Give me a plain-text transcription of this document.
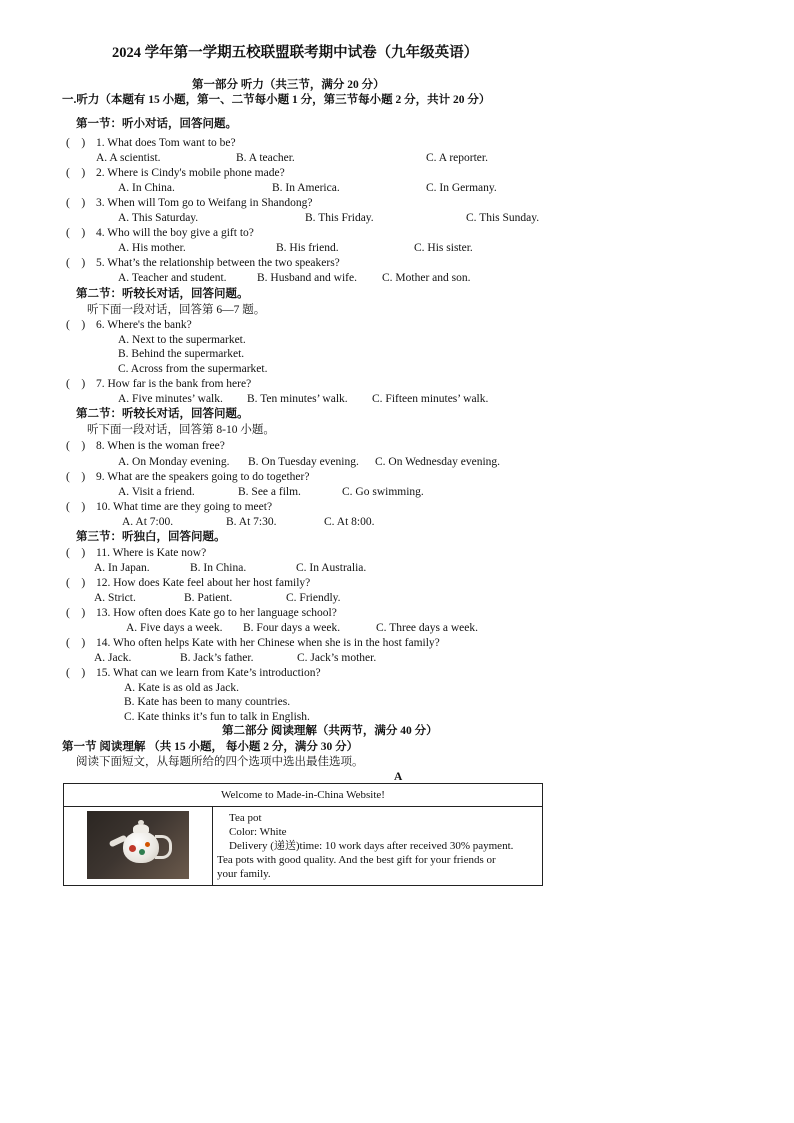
2024 学年第一学期五校联盟联考期中试卷（九年级英语）
第一部分 听力（共三节，满分 20 分）
一.听力（本题有 15 小题，第一、二节每小题 1 分，第三节每小题 2 分，共计 20 分）
第一节：听小对话，回答问题。
(　) 1. What does Tom want to be?
A. A scientist.	B. A teacher.	C. A reporter.
(　) 2. Where is Cindy's mobile phone made?
A. In China.	B. In America.	C. In Germany.
(　) 3. When will Tom go to Weifang in Shandong?
A. This Saturday.	B. This Friday.	C. This Sunday.
(　) 4. Who will the boy give a gift to?
A. His mother.	B. His friend.	C. His sister.
(　) 5. What’s the relationship between the two speakers?
A. Teacher and student.	B. Husband and wife. C. Mother and son.
第二节：听较长对话，回答问题。
听下面一段对话，回答第 6—7 题。
(　) 6. Where's the bank?
A. Next to the supermarket.
B. Behind the supermarket.
C. Across from the supermarket.
(　) 7. How far is the bank from here?
A. Five minutes’ walk. B. Ten minutes’ walk. C. Fifteen minutes’ walk.
第二节：听较长对话，回答问题。
听下面一段对话，回答第 8-10 小题。
(　) 8. When is the woman free?
A. On Monday evening. B. On Tuesday evening. C. On Wednesday evening.
(　) 9. What are the speakers going to do together?
A. Visit a friend.	B. See a film.	C. Go swimming.
(　) 10. What time are they going to meet?
A. At 7:00.	B. At 7:30.	C. At 8:00.
第三节：听独白，回答问题。
(　) 11. Where is Kate now?
A. In Japan.	B. In China.	C. In Australia.
(　) 12. How does Kate feel about her host family?
A. Strict.	B. Patient.	C. Friendly.
(　) 13. How often does Kate go to her language school?
A. Five days a week. B. Four days a week.	C. Three days a week.
(　) 14. Who often helps Kate with her Chinese when she is in the host family?
A. Jack.	B. Jack’s father.	C. Jack’s mother.
(　) 15. What can we learn from Kate’s introduction?
A. Kate is as old as Jack.
B. Kate has been to many countries.
C. Kate thinks it’s fun to talk in English.
第二部分 阅读理解（共两节，满分 40 分）
第一节 阅读理解 （共 15 小题， 每小题 2 分，满分 30 分）
阅读下面短文，从每题所给的四个选项中选出最佳选项。
A
Welcome to Made-in-China Website!

Tea pot
Color: White
Delivery (递送)time: 10 work days after received 30% payment.
Tea pots with good quality. And the best gift for your friends or
your family.
